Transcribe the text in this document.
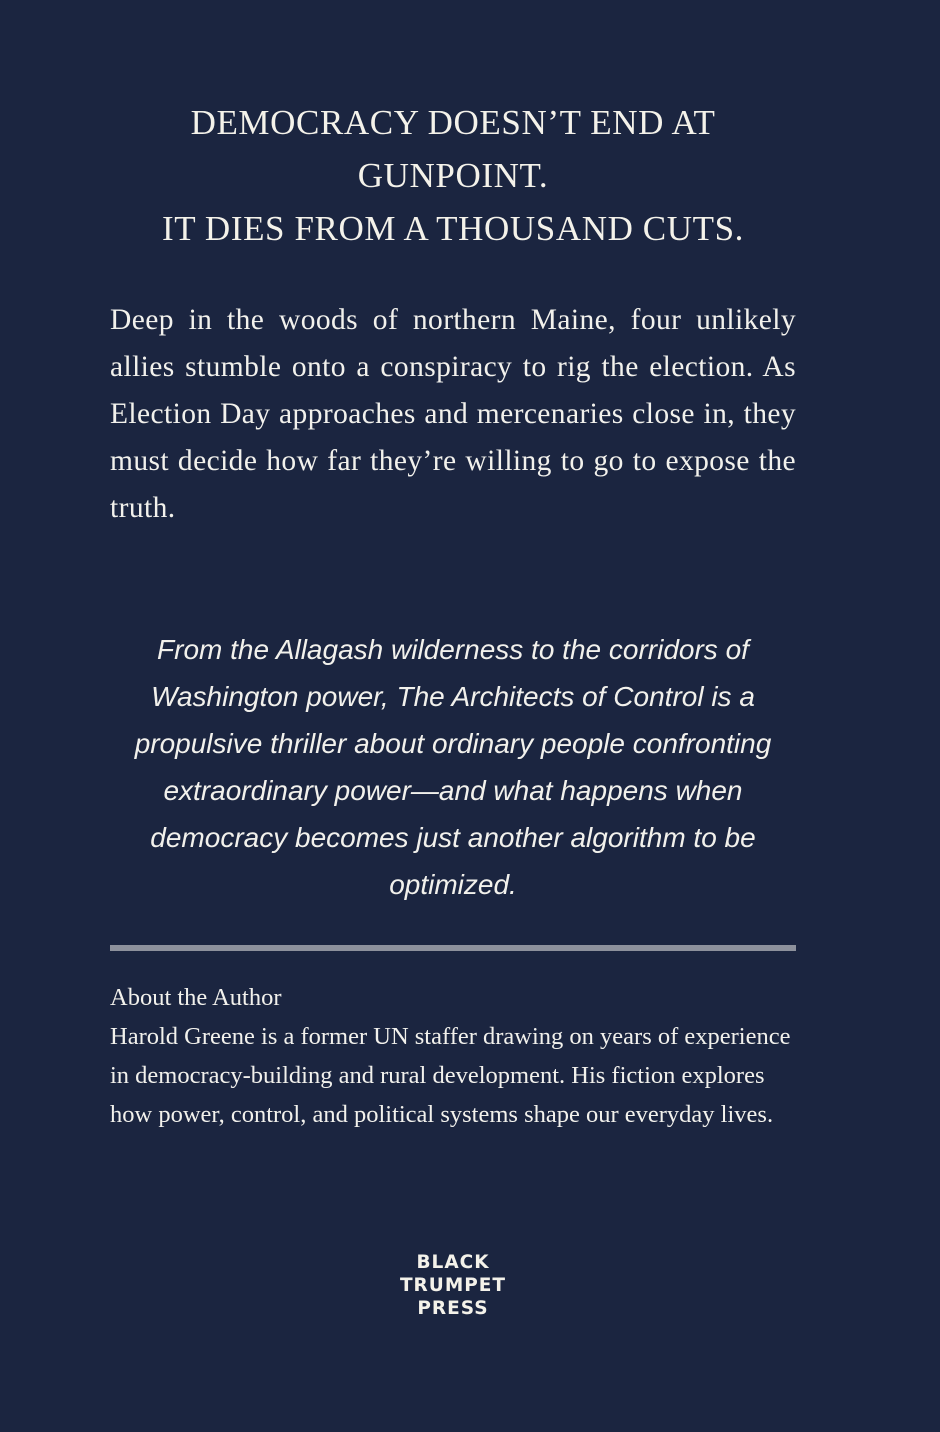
DEMOCRACY DOESN’T END AT
GUNPOINT.
IT DIES FROM A THOUSAND CUTS.

Deep in the woods of northern Maine, four unlikely allies stumble onto a conspiracy to rig the election. As Election Day approaches and mercenaries close in, they must decide how far they’re willing to go to expose the truth.

From the Allagash wilderness to the corridors of Washington power, The Architects of Control is a propulsive thriller about ordinary people confronting extraordinary power—and what happens when democracy becomes just another algorithm to be optimized.

About the Author
Harold Greene is a former UN staffer drawing on years of experience in democracy-building and rural development. His fiction explores how power, control, and political systems shape our everyday lives.
BLACK
TRUMPET
PRESS
